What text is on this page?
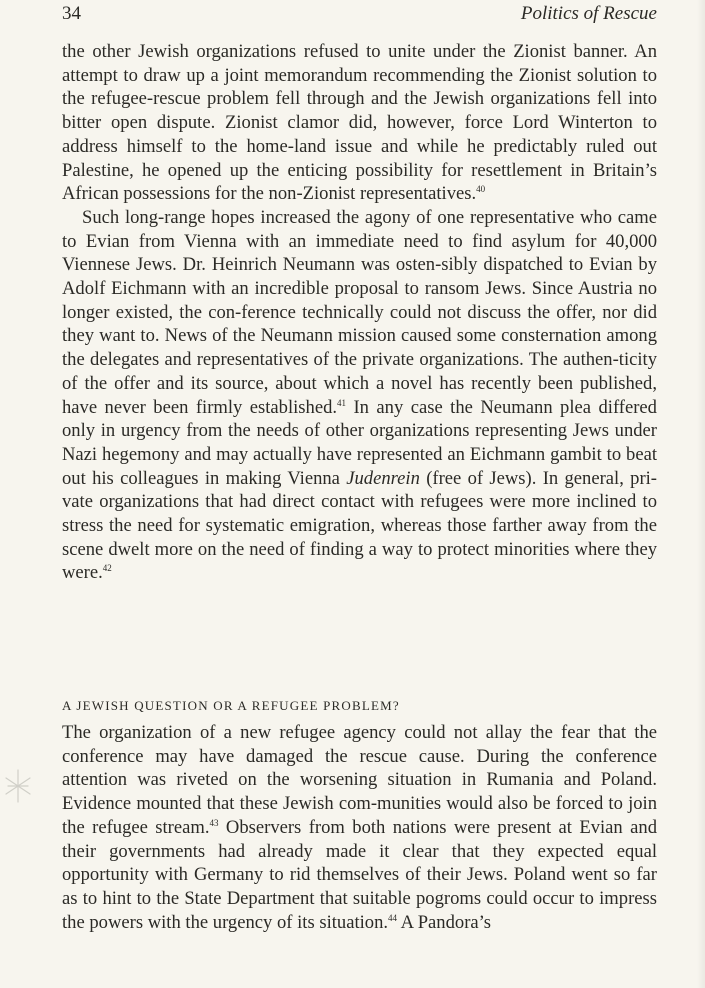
34	Politics of Rescue

the other Jewish organizations refused to unite under the Zionist banner. An attempt to draw up a joint memorandum recommending the Zionist solution to the refugee-rescue problem fell through and the Jewish organizations fell into bitter open dispute. Zionist clamor did, however, force Lord Winterton to address himself to the home-land issue and while he predictably ruled out Palestine, he opened up the enticing possibility for resettlement in Britain’s African possessions for the non-Zionist representatives.$^{40}$

Such long-range hopes increased the agony of one representative who came to Evian from Vienna with an immediate need to find asylum for 40,000 Viennese Jews. Dr. Heinrich Neumann was osten-sibly dispatched to Evian by Adolf Eichmann with an incredible proposal to ransom Jews. Since Austria no longer existed, the con-ference technically could not discuss the offer, nor did they want to. News of the Neumann mission caused some consternation among the delegates and representatives of the private organizations. The authen-ticity of the offer and its source, about which a novel has recently been published, have never been firmly established.$^{41}$ In any case the Neumann plea differed only in urgency from the needs of other organizations representing Jews under Nazi hegemony and may actually have represented an Eichmann gambit to beat out his colleagues in making Vienna Judenrein (free of Jews). In general, pri-vate organizations that had direct contact with refugees were more inclined to stress the need for systematic emigration, whereas those farther away from the scene dwelt more on the need of finding a way to protect minorities where they were.$^{42}$

A JEWISH QUESTION OR A REFUGEE PROBLEM?

The organization of a new refugee agency could not allay the fear that the conference may have damaged the rescue cause. During the conference attention was riveted on the worsening situation in Rumania and Poland. Evidence mounted that these Jewish com-munities would also be forced to join the refugee stream.$^{43}$ Observers from both nations were present at Evian and their governments had already made it clear that they expected equal opportunity with Germany to rid themselves of their Jews. Poland went so far as to hint to the State Department that suitable pogroms could occur to impress the powers with the urgency of its situation.$^{44}$ A Pandora’s
